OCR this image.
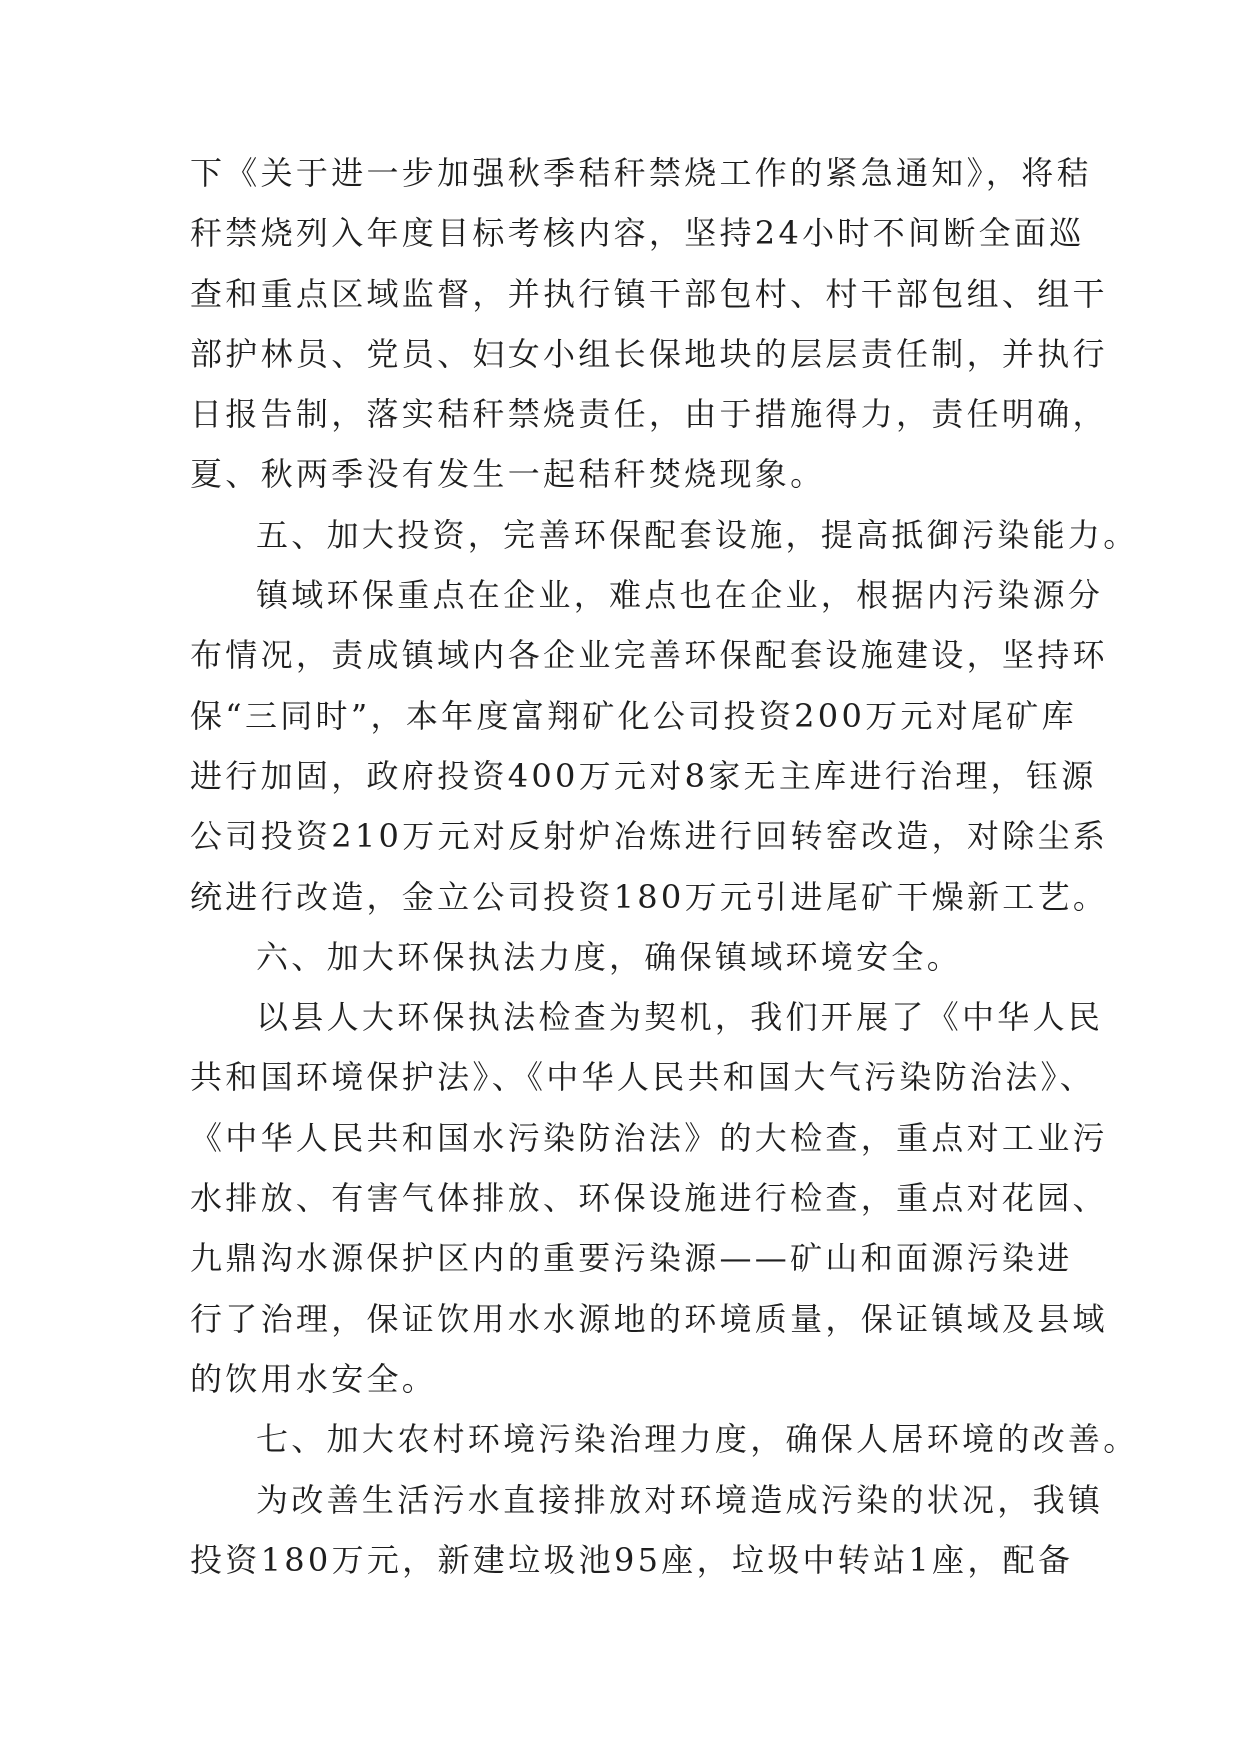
下《关于进一步加强秋季秸秆禁烧工作的紧急通知》，将秸
秆禁烧列入年度目标考核内容，坚持24小时不间断全面巡
查和重点区域监督，并执行镇干部包村、村干部包组、组干
部护林员、党员、妇女小组长保地块的层层责任制，并执行
日报告制，落实秸秆禁烧责任，由于措施得力，责任明确，
夏、秋两季没有发生一起秸秆焚烧现象。
五、加大投资，完善环保配套设施，提高抵御污染能力。
镇域环保重点在企业，难点也在企业，根据内污染源分
布情况，责成镇域内各企业完善环保配套设施建设，坚持环
保“三同时”，本年度富翔矿化公司投资200万元对尾矿库
进行加固，政府投资400万元对8家无主库进行治理，钰源
公司投资210万元对反射炉冶炼进行回转窑改造，对除尘系
统进行改造，金立公司投资180万元引进尾矿干燥新工艺。
六、加大环保执法力度，确保镇域环境安全。
以县人大环保执法检查为契机，我们开展了《中华人民
共和国环境保护法》、《中华人民共和国大气污染防治法》、
《中华人民共和国水污染防治法》的大检查，重点对工业污
水排放、有害气体排放、环保设施进行检查，重点对花园、
九鼎沟水源保护区内的重要污染源——矿山和面源污染进
行了治理，保证饮用水水源地的环境质量，保证镇域及县域
的饮用水安全。
七、加大农村环境污染治理力度，确保人居环境的改善。
为改善生活污水直接排放对环境造成污染的状况，我镇
投资180万元，新建垃圾池95座，垃圾中转站1座，配备
